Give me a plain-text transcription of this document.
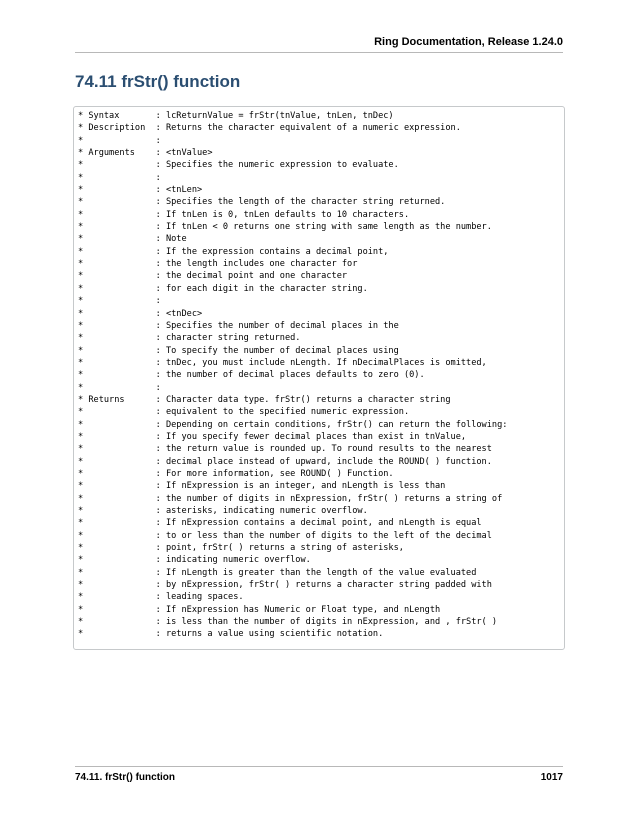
Ring Documentation, Release 1.24.0
74.11 frStr() function
* Syntax       : lcReturnValue = frStr(tnValue, tnLen, tnDec)
* Description  : Returns the character equivalent of a numeric expression.
*              :
* Arguments    : <tnValue>
*              : Specifies the numeric expression to evaluate.
*              :
*              : <tnLen>
*              : Specifies the length of the character string returned.
*              : If tnLen is 0, tnLen defaults to 10 characters.
*              : If tnLen < 0 returns one string with same length as the number.
*              : Note
*              : If the expression contains a decimal point,
*              : the length includes one character for
*              : the decimal point and one character
*              : for each digit in the character string.
*              :
*              : <tnDec>
*              : Specifies the number of decimal places in the
*              : character string returned.
*              : To specify the number of decimal places using
*              : tnDec, you must include nLength. If nDecimalPlaces is omitted,
*              : the number of decimal places defaults to zero (0).
*              :
* Returns      : Character data type. frStr() returns a character string
*              : equivalent to the specified numeric expression.
*              : Depending on certain conditions, frStr() can return the following:
*              : If you specify fewer decimal places than exist in tnValue,
*              : the return value is rounded up. To round results to the nearest
*              : decimal place instead of upward, include the ROUND( ) function.
*              : For more information, see ROUND( ) Function.
*              : If nExpression is an integer, and nLength is less than
*              : the number of digits in nExpression, frStr( ) returns a string of
*              : asterisks, indicating numeric overflow.
*              : If nExpression contains a decimal point, and nLength is equal
*              : to or less than the number of digits to the left of the decimal
*              : point, frStr( ) returns a string of asterisks,
*              : indicating numeric overflow.
*              : If nLength is greater than the length of the value evaluated
*              : by nExpression, frStr( ) returns a character string padded with
*              : leading spaces.
*              : If nExpression has Numeric or Float type, and nLength
*              : is less than the number of digits in nExpression, and , frStr( )
*              : returns a value using scientific notation.
74.11. frStr() function	1017
